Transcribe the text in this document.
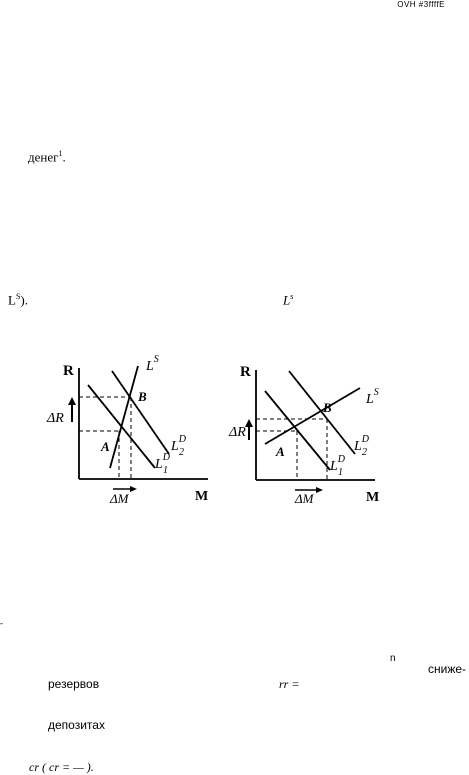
OVH #3ffffE
денег$^1$.
$L^S$).	$L^s$
n
сниже-
резервов	rr =
депозитах
cr ( cr = — ).
-
R
M
ΔR
ΔM
A
B
$L^S$
$L^D$ 2
$L^D$ 1
R
M
ΔR
ΔM
A
B
$L^S$
$L^D$ 2
$L^D$ 1
